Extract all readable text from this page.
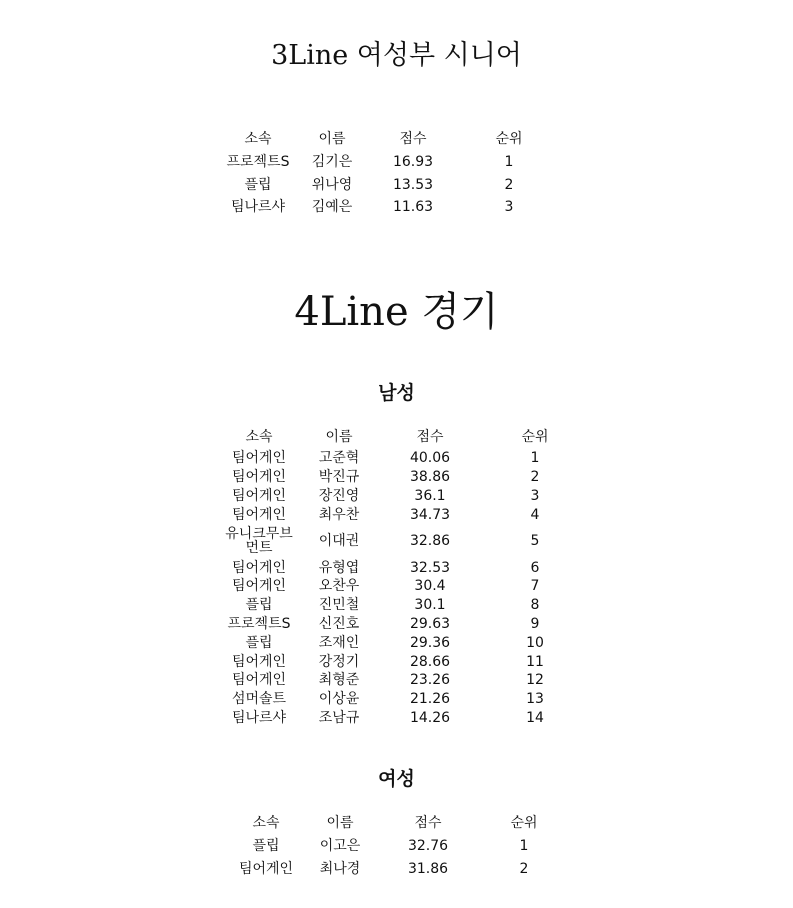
3Line 여성부 시니어
소속	이름	점수	순위
프로젝트S	김기은	16.93	1
플립	위나영	13.53	2
팀나르샤	김예은	11.63	3
4Line 경기
남성
소속	이름	점수	순위
팀어게인	고준혁	40.06	1
팀어게인	박진규	38.86	2
팀어게인	장진영	36.1	3
팀어게인	최우찬	34.73	4
유니크무브먼트	이대권	32.86	5
팀어게인	유형엽	32.53	6
팀어게인	오찬우	30.4	7
플립	진민철	30.1	8
프로젝트S	신진호	29.63	9
플립	조재인	29.36	10
팀어게인	강정기	28.66	11
팀어게인	최형준	23.26	12
섬머솔트	이상윤	21.26	13
팀나르샤	조남규	14.26	14
여성
소속	이름	점수	순위
플립	이고은	32.76	1
팀어게인	최나경	31.86	2
